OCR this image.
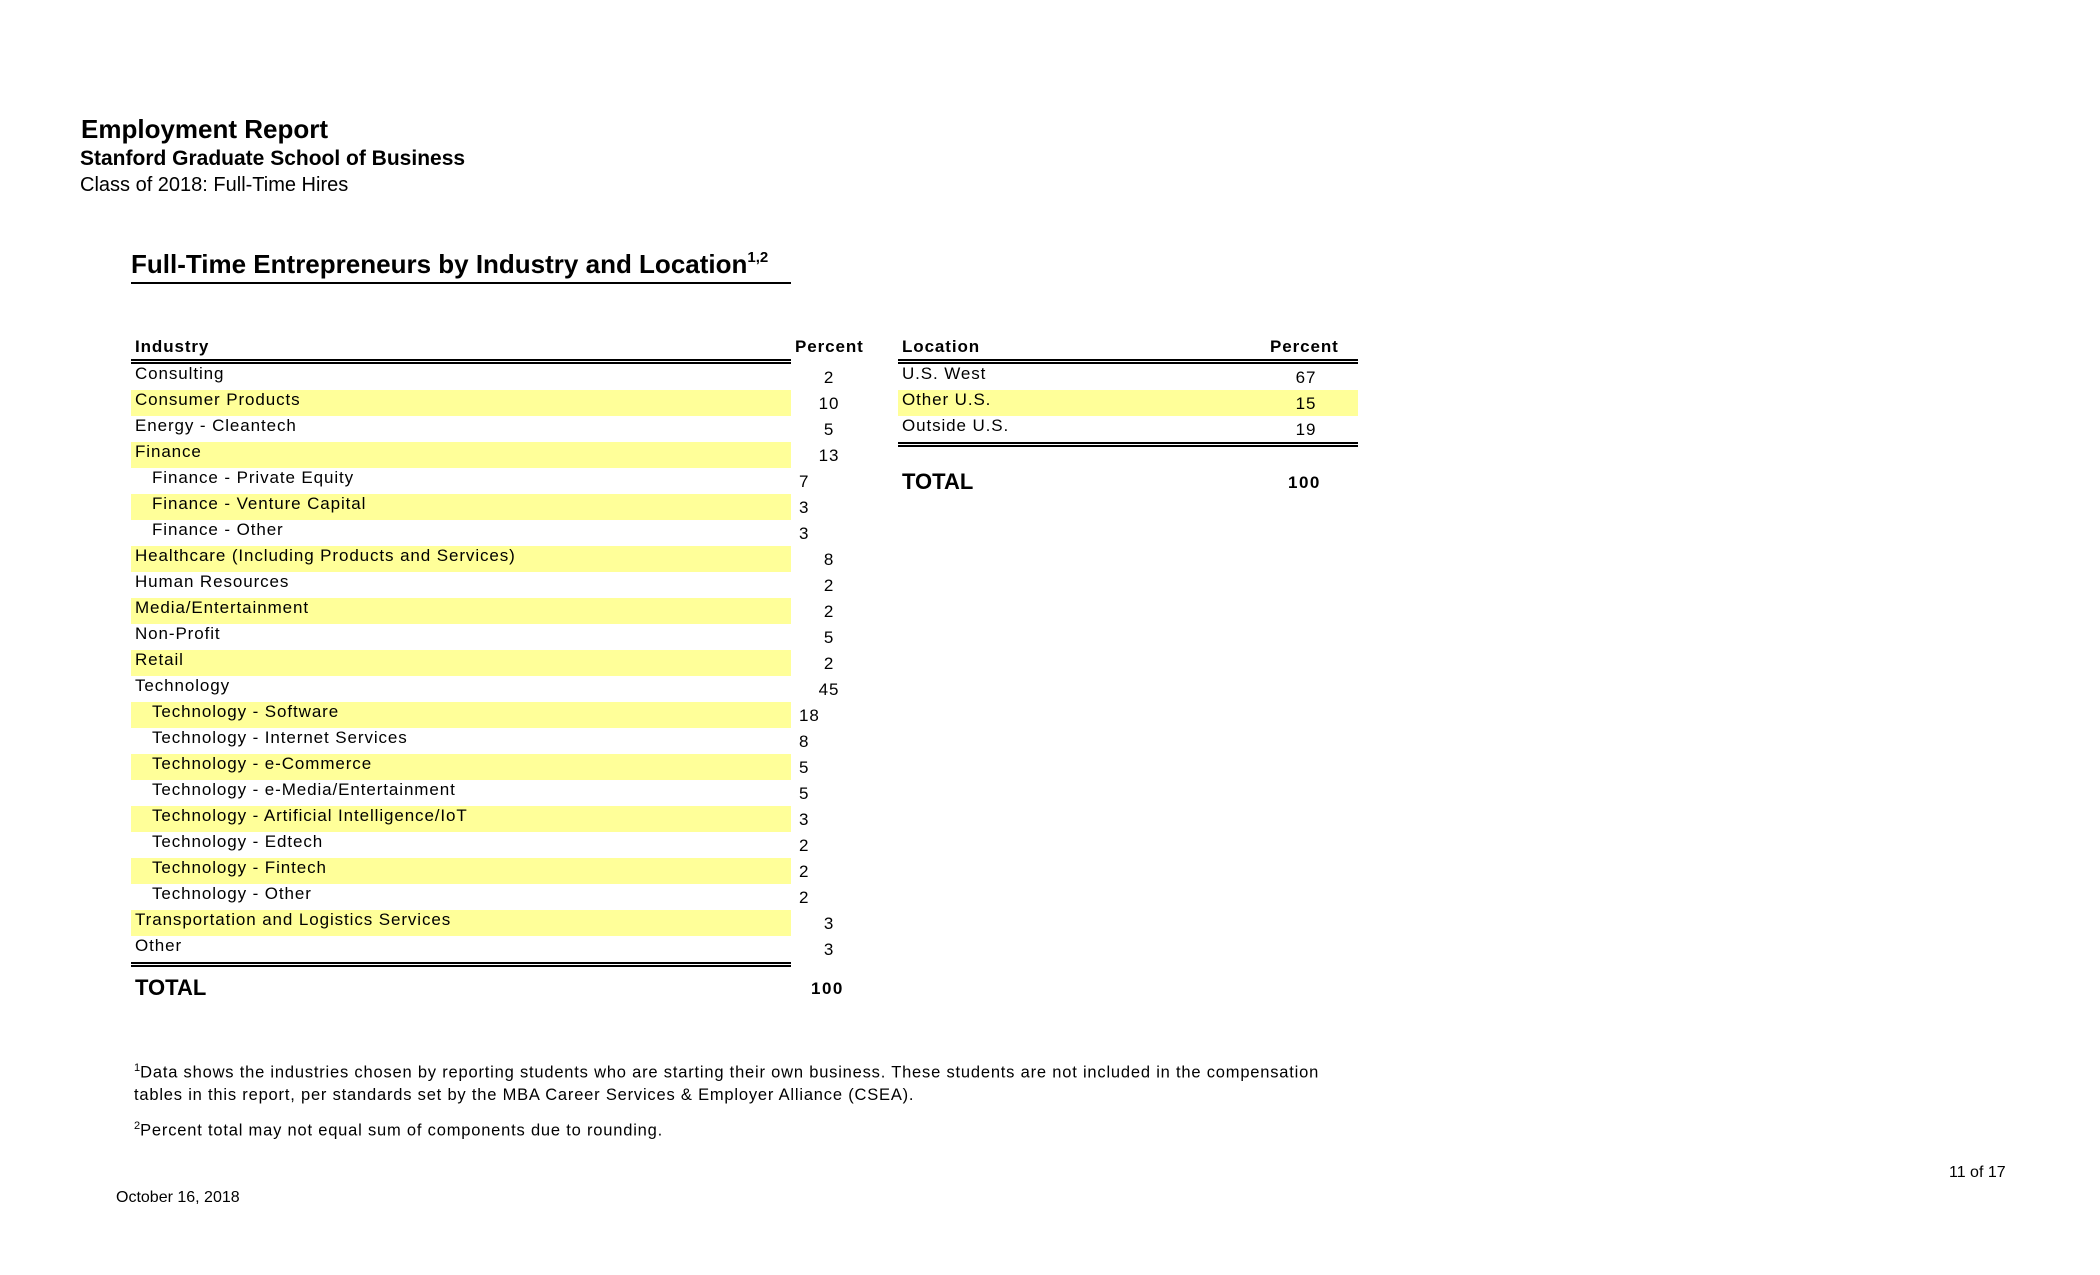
Employment Report
Stanford Graduate School of Business
Class of 2018: Full-Time Hires
Full-Time Entrepreneurs by Industry and Location$^{1,2}$
Industry	Percent
Consulting	2
Consumer Products	10
Energy - Cleantech	5
Finance	13
Finance - Private Equity	7
Finance - Venture Capital	3
Finance - Other	3
Healthcare (Including Products and Services)	8
Human Resources	2
Media/Entertainment	2
Non-Profit	5
Retail	2
Technology	45
Technology - Software	18
Technology - Internet Services	8
Technology - e-Commerce	5
Technology - e-Media/Entertainment	5
Technology - Artificial Intelligence/IoT	3
Technology - Edtech	2
Technology - Fintech	2
Technology - Other	2
Transportation and Logistics Services	3
Other	3
TOTAL	100
Location	Percent
U.S. West	67
Other U.S.	15
Outside U.S.	19
TOTAL	100

$^1$Data shows the industries chosen by reporting students who are starting their own business. These students are not included in the compensation tables in this report, per standards set by the MBA Career Services & Employer Alliance (CSEA).

$^2$Percent total may not equal sum of components due to rounding.

11 of 17
October 16, 2018
